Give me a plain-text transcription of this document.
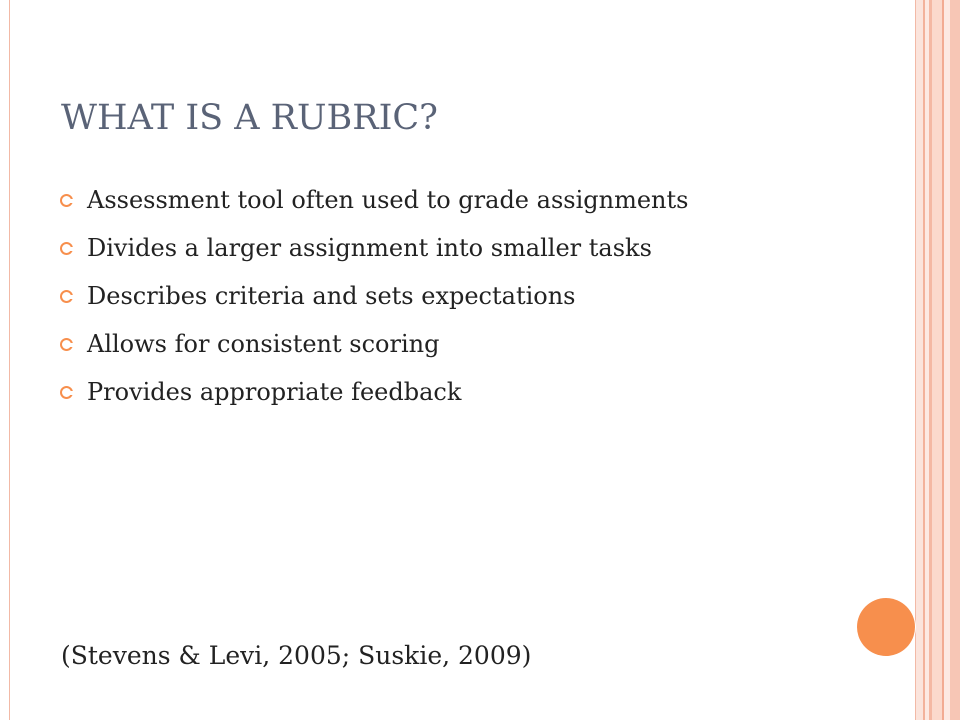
WHAT IS A RUBRIC?
Assessment tool often used to grade assignments
Divides a larger assignment into smaller tasks
Describes criteria and sets expectations
Allows for consistent scoring
Provides appropriate feedback
(Stevens & Levi, 2005; Suskie, 2009)
